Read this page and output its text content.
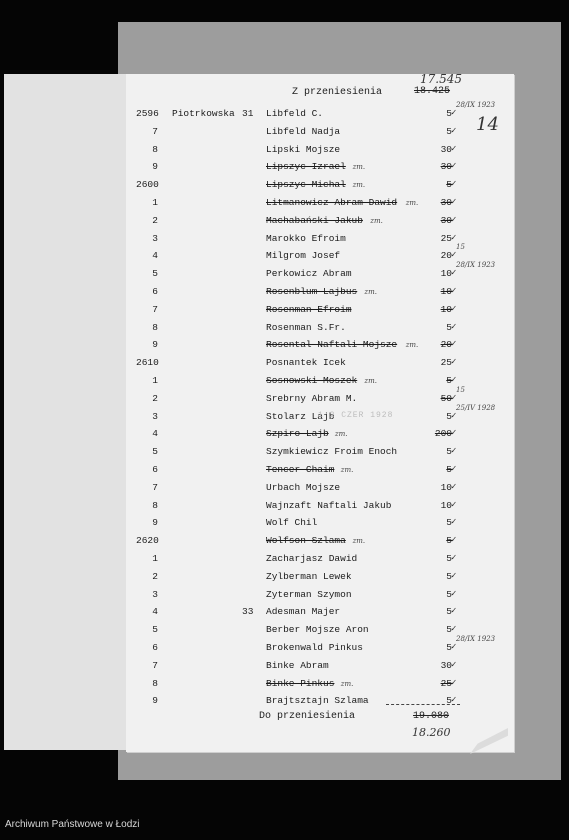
Z przeniesienia
17.545
18.425
14
2596 Piotrkowska 31 Libfeld C.	5 ✓
28/IX 1923
7	Libfeld Nadja	5 ✓
8	Lipski Mojsze	30 ✓
9	Lipszyc Izrael zm.	30 ✓
2600	Lipszyc Michal zm.	5 ✓
1	Litmanowicz Abram Dawid zm.	30 ✓
2	Machabański Jakub zm.	30 ✓
3	Marokko Efroim	25 ✓
4	Milgrom Josef	20 ✓
15
5	Perkowicz Abram	10 ✓
28/IX 1923
6	Rosenblum Lajbus zm.	10 ✓
7	Rosenman Efroim	10 ✓
8	Rosenman S.Fr.	5 ✓
9	Rosental Naftali Mojsze zm.	20 ✓
2610	Posnantek Icek	25 ✓
1	Sosnowski Moszek zm.	5 ✓
2	Srebrny Abram M.	50 ✓
15
3	Stolarz Lajb	5 ✓
25/IV 1928
4	Szpiro Lajb zm.	200 ✓
5	Szymkiewicz Froim Enoch	5 ✓
6	Tencer Chaim zm.	5 ✓
7	Urbach Mojsze	10 ✓
8	Wajnzaft Naftali Jakub	10 ✓
9	Wolf Chil	5 ✓
2620	Wolfson Szlama zm.	5 ✓
1	Zacharjasz Dawid	5 ✓
2	Zylberman Lewek	5 ✓
3	Zyterman Szymon	5 ✓
4	33 Adesman Majer	5 ✓
5	Berber Mojsze Aron	5 ✓
6	Brokenwald Pinkus	5 ✓
28/IX 1923
7	Binke Abram	30 ✓
8	Binke Pinkus zm.	25 ✓
9	Brajtsztajn Szlama	5 ✓
1 2 CZER 1928
Do przeniesienia	19.080
18.260
Archiwum Państwowe w Łodzi
